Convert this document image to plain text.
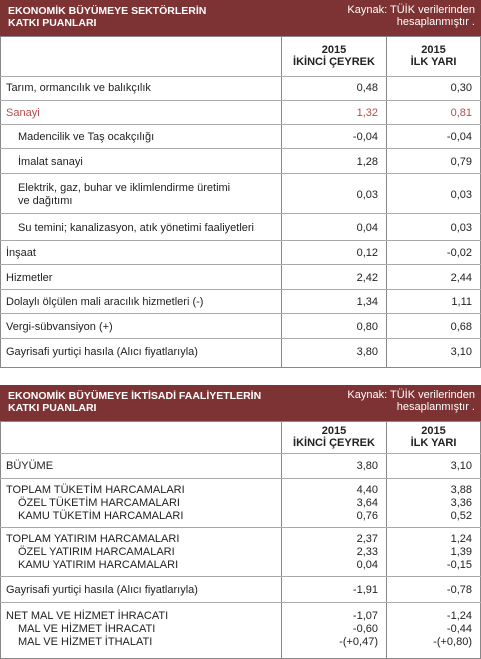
EKONOMİK BÜYÜMEYE SEKTÖRLERİN
KATKI PUANLARI
Kaynak: TÜİK verilerinden
hesaplanmıştır .
2015
İKİNCİ ÇEYREK
2015
İLK YARI
Tarım, ormancılık ve balıkçılık	0,48	0,30
Sanayi	1,32	0,81
Madencilik ve Taş ocakçılığı	-0,04	-0,04
İmalat sanayi	1,28	0,79
Elektrik, gaz, buhar ve iklimlendirme üretimi
ve dağıtımı	0,03	0,03
Su temini; kanalizasyon, atık yönetimi faaliyetleri	0,04	0,03
İnşaat	0,12	-0,02
Hizmetler	2,42	2,44
Dolaylı ölçülen mali aracılık hizmetleri (-)	1,34	1,11
Vergi-sübvansiyon (+)	0,80	0,68
Gayrisafi yurtiçi hasıla (Alıcı fiyatlarıyla)	3,80	3,10
EKONOMİK BÜYÜMEYE İKTİSADİ FAALİYETLERİN
KATKI PUANLARI
Kaynak: TÜİK verilerinden
hesaplanmıştır .
2015
İKİNCİ ÇEYREK
2015
İLK YARI
BÜYÜME	3,80	3,10
TOPLAM TÜKETİM HARCAMALARI	4,40	3,88
ÖZEL TÜKETİM HARCAMALARI	3,64	3,36
KAMU TÜKETİM HARCAMALARI	0,76	0,52
TOPLAM YATIRIM HARCAMALARI	2,37	1,24
ÖZEL YATIRIM HARCAMALARI	2,33	1,39
KAMU YATIRIM HARCAMALARI	0,04	-0,15
Gayrisafi yurtiçi hasıla (Alıcı fiyatlarıyla)	-1,91	-0,78
NET MAL VE HİZMET İHRACATI	-1,07	-1,24
MAL VE HİZMET İHRACATI	-0,60	-0,44
MAL VE HİZMET İTHALATI	-(+0,47)	-(+0,80)
